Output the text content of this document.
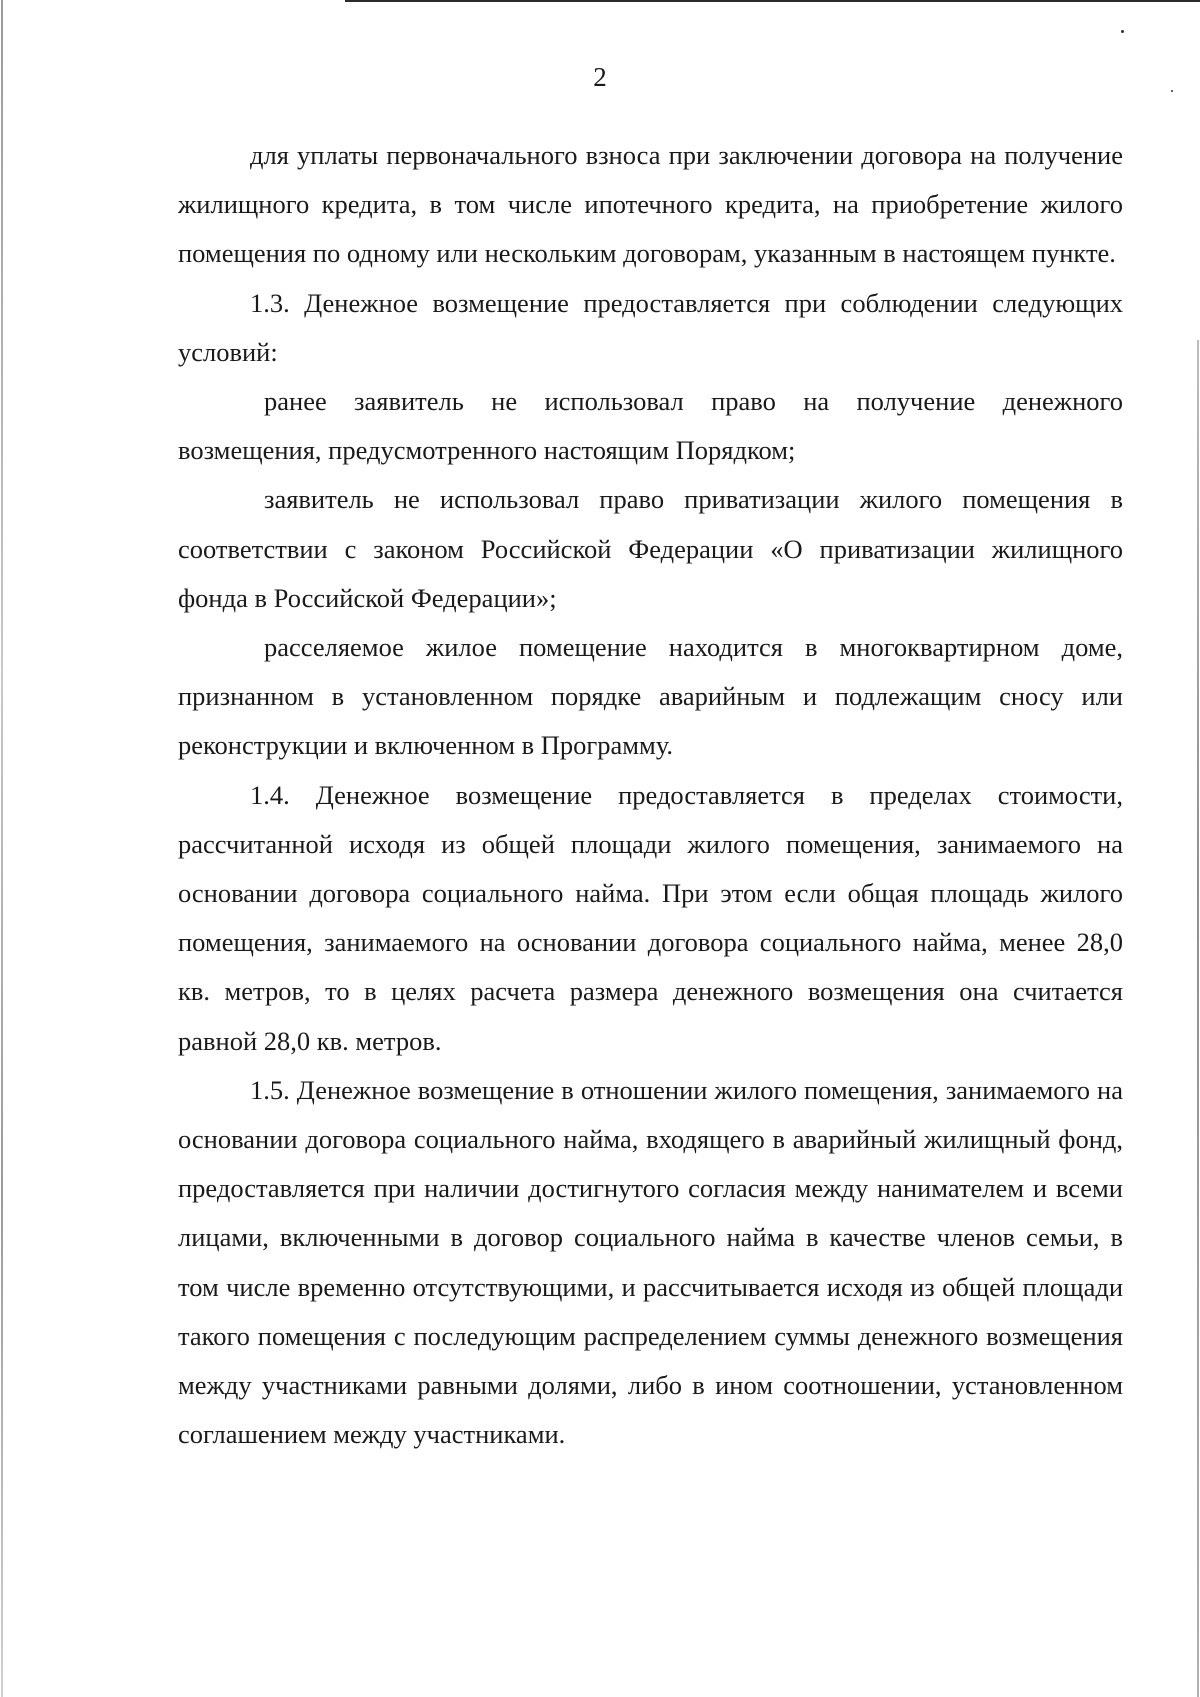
2

для уплаты первоначального взноса при заключении договора на получение жилищного кредита, в том числе ипотечного кредита, на приобретение жилого помещения по одному или нескольким договорам, указанным в настоящем пункте.

1.3. Денежное возмещение предоставляется при соблюдении следующих условий:

ранее заявитель не использовал право на получение денежного возмещения, предусмотренного настоящим Порядком;

заявитель не использовал право приватизации жилого помещения в соответствии с законом Российской Федерации «О приватизации жилищного фонда в Российской Федерации»;

расселяемое жилое помещение находится в многоквартирном доме, признанном в установленном порядке аварийным и подлежащим сносу или реконструкции и включенном в Программу.

1.4. Денежное возмещение предоставляется в пределах стоимости, рассчитанной исходя из общей площади жилого помещения, занимаемого на основании договора социального найма. При этом если общая площадь жилого помещения, занимаемого на основании договора социального найма, менее 28,0 кв. метров, то в целях расчета размера денежного возмещения она считается равной 28,0 кв. метров.

1.5. Денежное возмещение в отношении жилого помещения, занимаемого на основании договора социального найма, входящего в аварийный жилищный фонд, предоставляется при наличии достигнутого согласия между нанимателем и всеми лицами, включенными в договор социального найма в качестве членов семьи, в том числе временно отсутствующими, и рассчитывается исходя из общей площади такого помещения с последующим распределением суммы денежного возмещения между участниками равными долями, либо в ином соотношении, установленном соглашением между участниками.
